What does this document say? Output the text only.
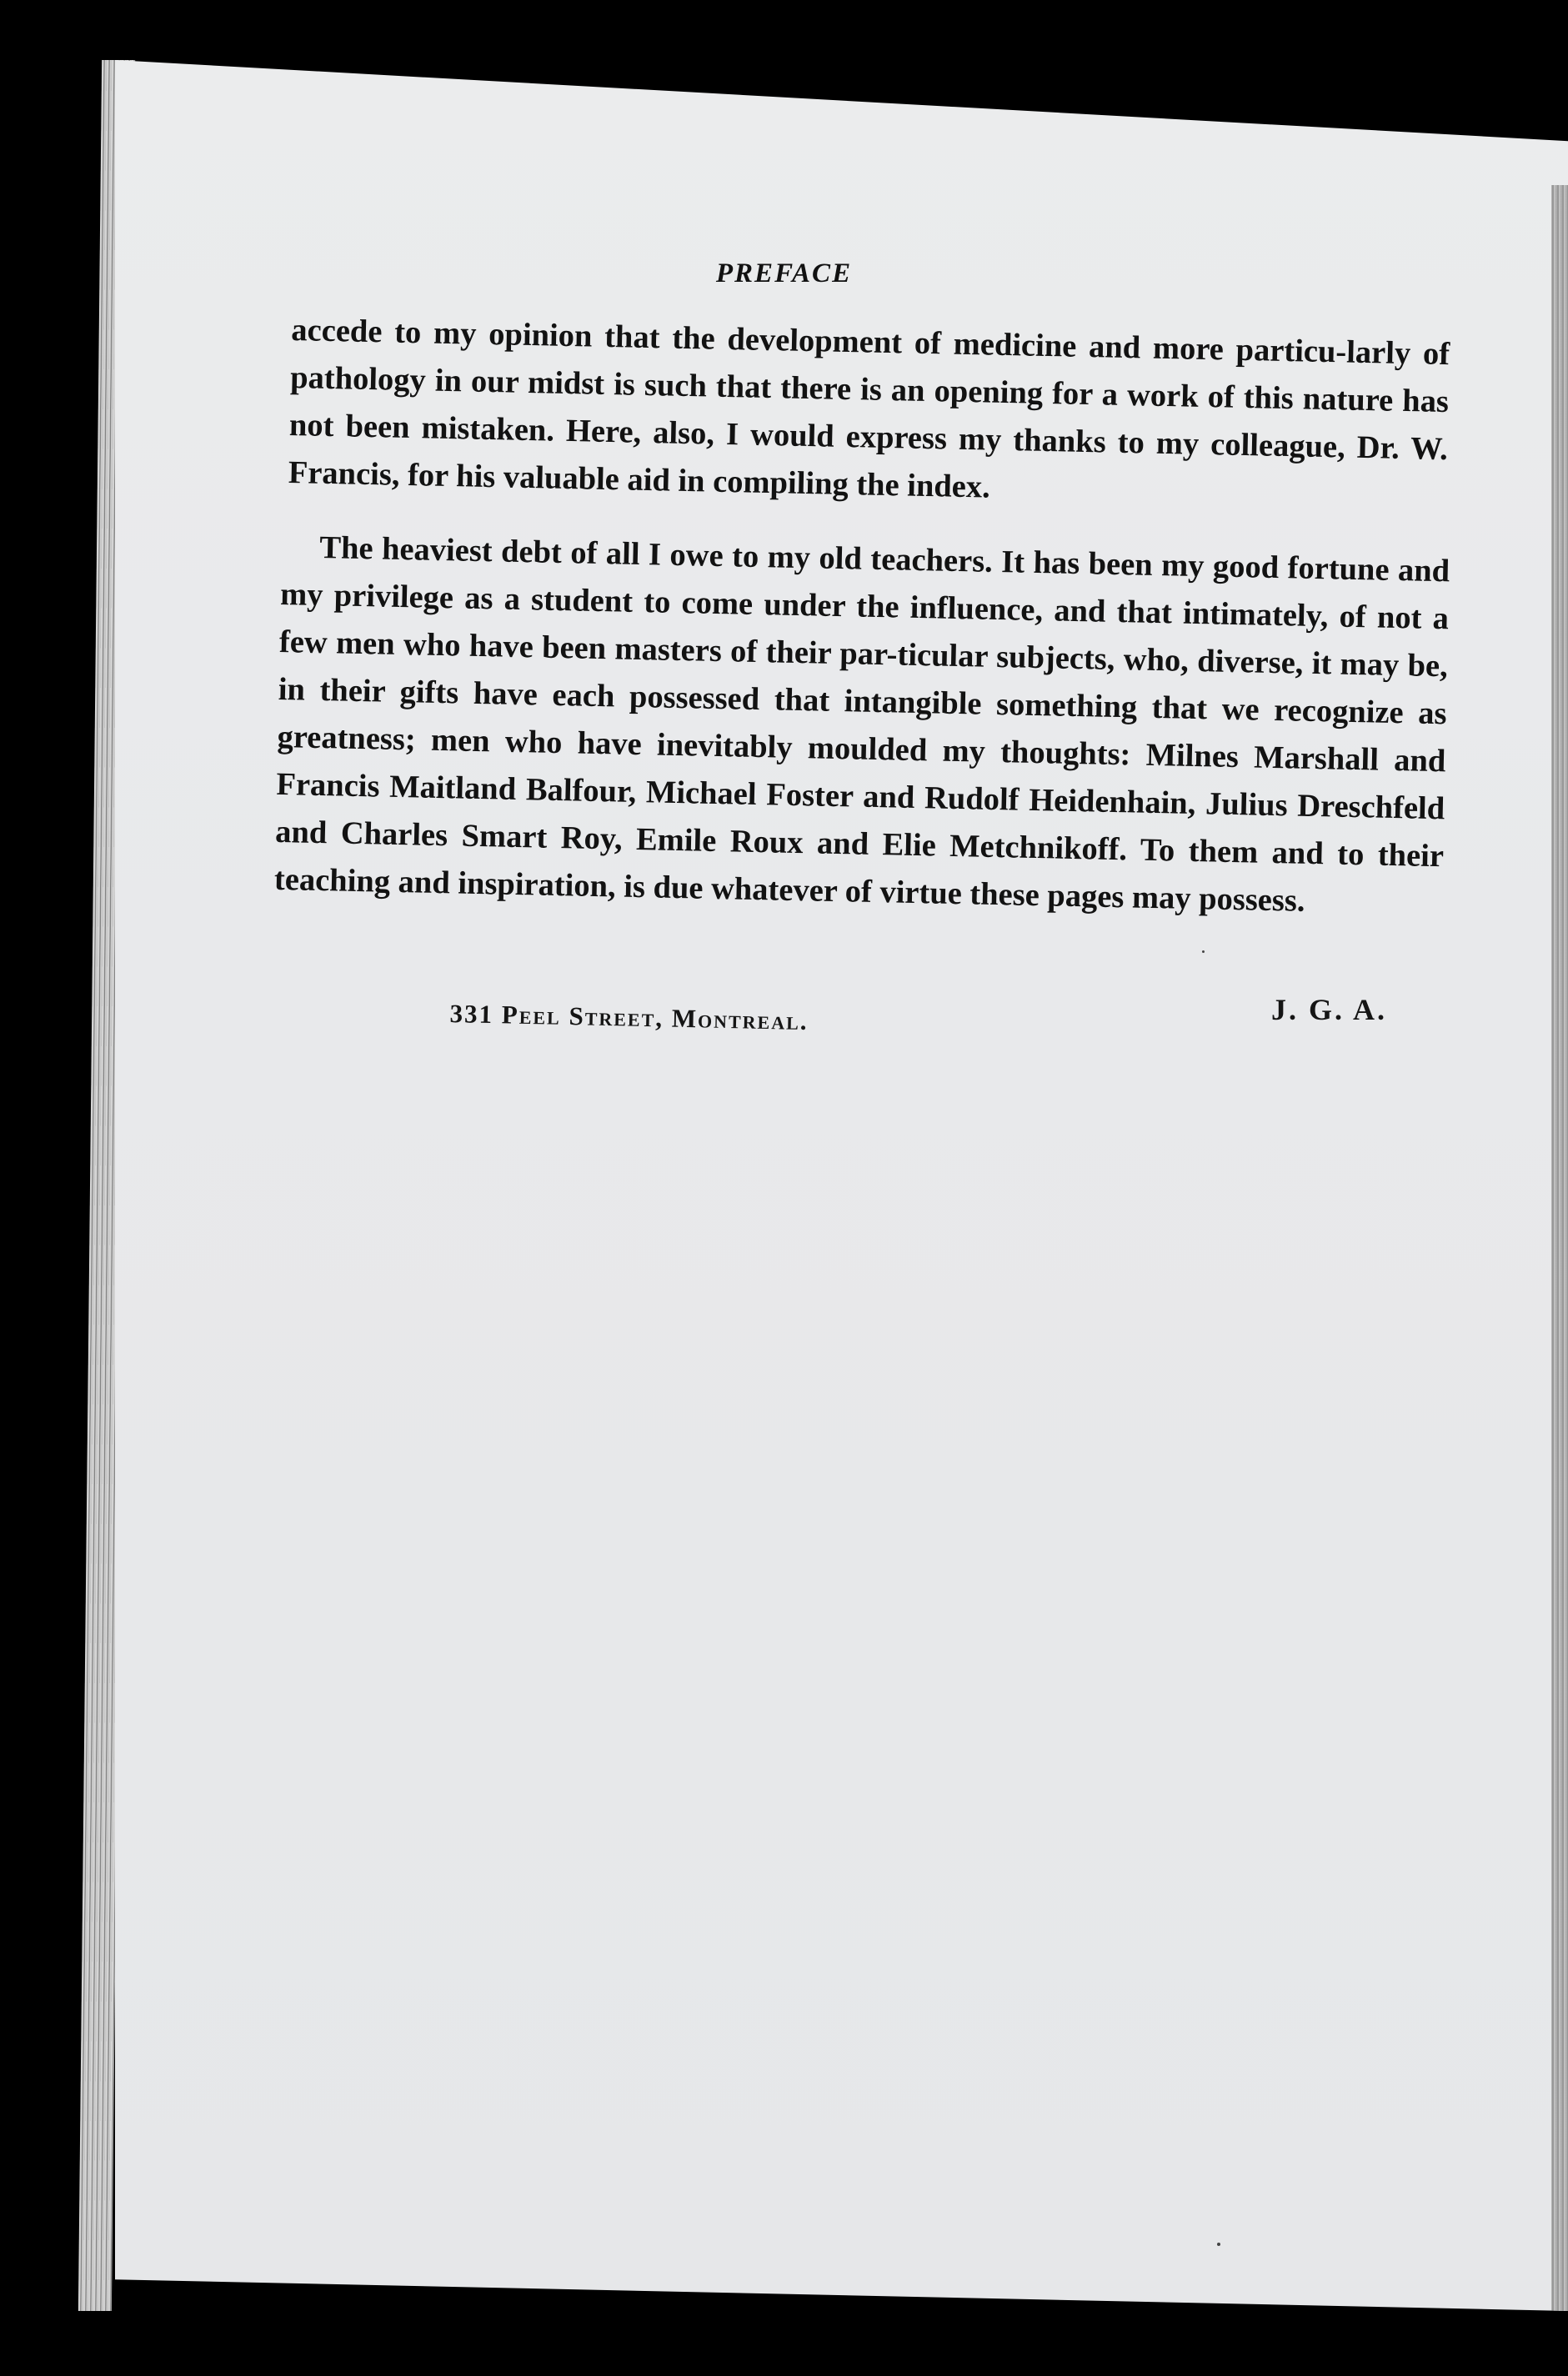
PREFACE

accede to my opinion that the development of medicine and more particu-larly of pathology in our midst is such that there is an opening for a work of this nature has not been mistaken. Here, also, I would express my thanks to my colleague, Dr. W. Francis, for his valuable aid in compiling the index.

The heaviest debt of all I owe to my old teachers. It has been my good fortune and my privilege as a student to come under the influence, and that intimately, of not a few men who have been masters of their par-ticular subjects, who, diverse, it may be, in their gifts have each possessed that intangible something that we recognize as greatness; men who have inevitably moulded my thoughts: Milnes Marshall and Francis Maitland Balfour, Michael Foster and Rudolf Heidenhain, Julius Dreschfeld and Charles Smart Roy, Emile Roux and Elie Metchnikoff. To them and to their teaching and inspiration, is due whatever of virtue these pages may possess.

331 Peel Street, Montreal.	J. G. A.
